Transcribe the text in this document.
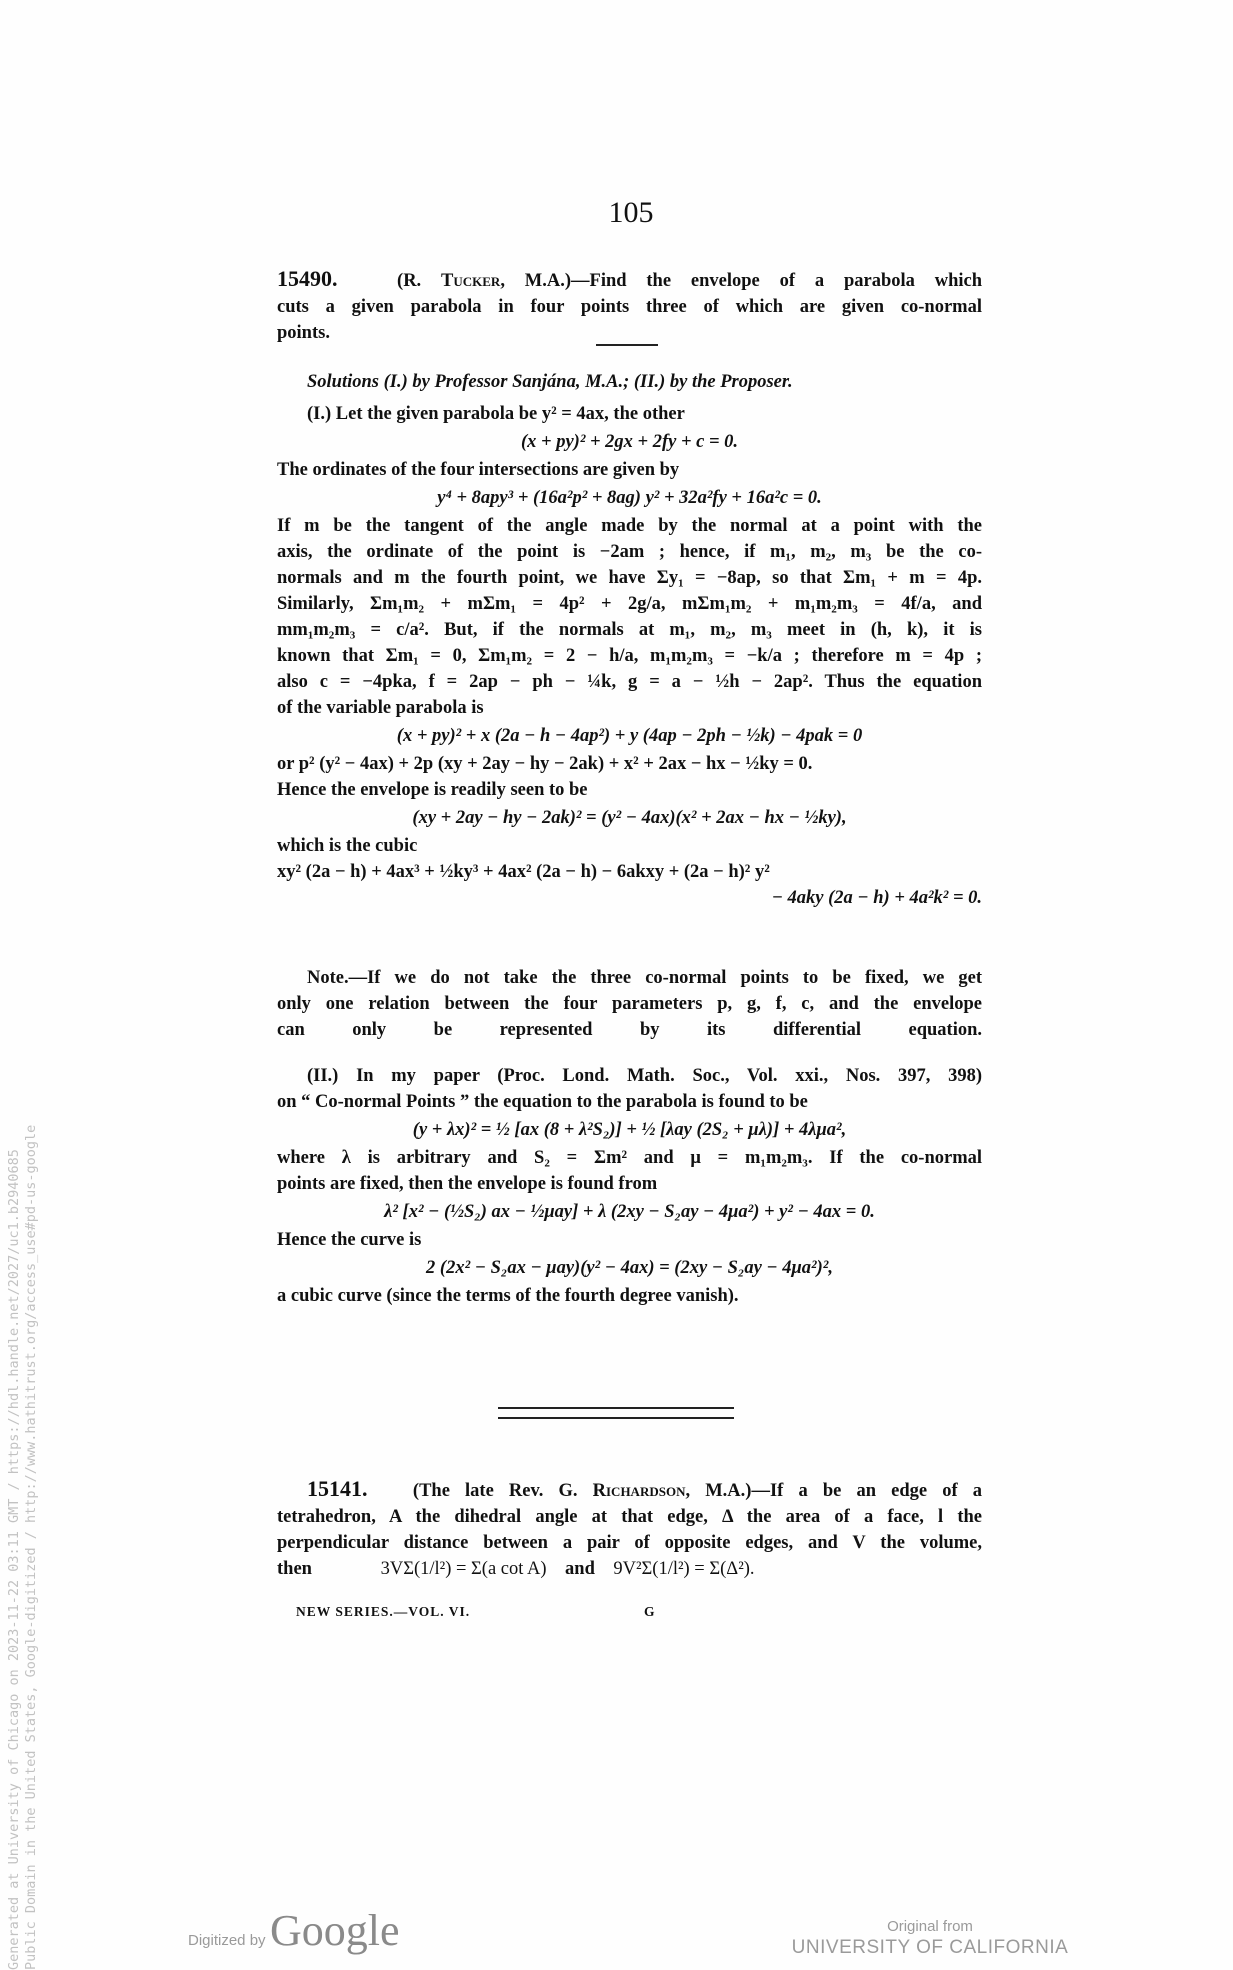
105
15490.	(R. Tucker, M.A.)—Find the envelope of a parabola which
cuts a given parabola in four points three of which are given co-normal
points.
Solutions (I.) by Professor Sanjána, M.A.; (II.) by the Proposer.
(I.) Let the given parabola be y² = 4ax, the other
(x + py)² + 2gx + 2fy + c = 0.
The ordinates of the four intersections are given by
y⁴ + 8apy³ + (16a²p² + 8ag) y² + 32a²fy + 16a²c = 0.
If m be the tangent of the angle made by the normal at a point with the
axis, the ordinate of the point is −2am ; hence, if m₁, m₂, m₃ be the co-
normals and m the fourth point, we have Σy₁ = −8ap, so that Σm₁ + m = 4p.
Similarly, Σm₁m₂ + mΣm₁ = 4p² + 2g/a, mΣm₁m₂ + m₁m₂m₃ = 4f/a, and
mm₁m₂m₃ = c/a². But, if the normals at m₁, m₂, m₃ meet in (h, k), it is
known that Σm₁ = 0, Σm₁m₂ = 2 − h/a, m₁m₂m₃ = −k/a ; therefore m = 4p ;
also c = −4pka, f = 2ap − ph − ¼k, g = a − ½h − 2ap². Thus the equation
of the variable parabola is
(x + py)² + x (2a − h − 4ap²) + y (4ap − 2ph − ½k) − 4pak = 0
or p² (y² − 4ax) + 2p (xy + 2ay − hy − 2ak) + x² + 2ax − hx − ½ky = 0.
Hence the envelope is readily seen to be
(xy + 2ay − hy − 2ak)² = (y² − 4ax)(x² + 2ax − hx − ½ky),
which is the cubic
xy² (2a − h) + 4ax³ + ½ky³ + 4ax² (2a − h) − 6akxy + (2a − h)² y²
− 4aky (2a − h) + 4a²k² = 0.
Note.—If we do not take the three co-normal points to be fixed, we get
only one relation between the four parameters p, g, f, c, and the envelope
can only be represented by its differential equation.
(II.) In my paper (Proc. Lond. Math. Soc., Vol. xxi., Nos. 397, 398)
on “ Co-normal Points ” the equation to the parabola is found to be
(y + λx)² = ½ [ax (8 + λ²S₂)] + ½ [λay (2S₂ + μλ)] + 4λμa²,
where λ is arbitrary and S₂ = Σm² and μ = m₁m₂m₃. If the co-normal
points are fixed, then the envelope is found from
λ² [x² − (½S₂) ax − ½μay] + λ (2xy − S₂ay − 4μa²) + y² − 4ax = 0.
Hence the curve is
2 (2x² − S₂ax − μay)(y² − 4ax) = (2xy − S₂ay − 4μa²)²,
a cubic curve (since the terms of the fourth degree vanish).
15141. (The late Rev. G. Richardson, M.A.)—If a be an edge of a
tetrahedron, A the dihedral angle at that edge, Δ the area of a face, l the
perpendicular distance between a pair of opposite edges, and V the volume,
then	3VΣ(1/l²) = Σ(a cot A) and 9V²Σ(1/l²) = Σ(Δ²).
NEW SERIES.—VOL. VI.	G
Generated at University of Chicago on 2023-11-22 03:11 GMT / https://hdl.handle.net/2027/uc1.b2940685 Public Domain in the United States, Google-digitized / http://www.hathitrust.org/access_use#pd-us-google	Digitized by Google	Original from
UNIVERSITY OF CALIFORNIA
